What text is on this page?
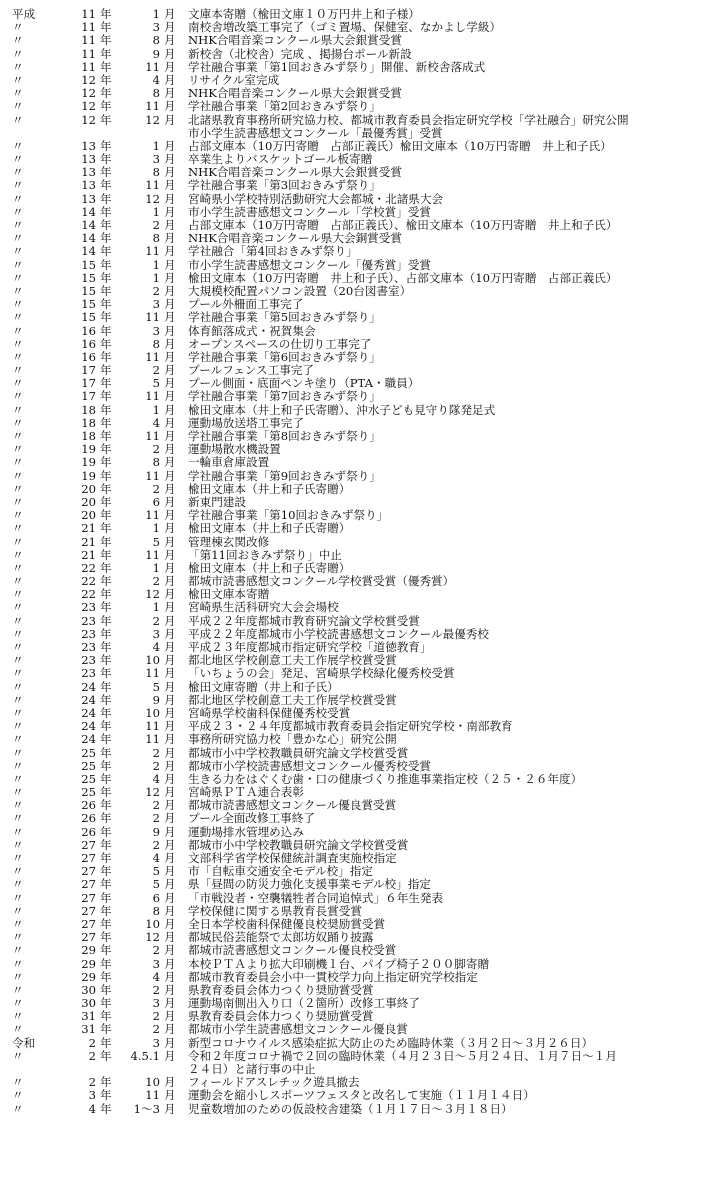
平成	11 年	1 月	文庫本寄贈（楡田文庫１０万円井上和子様）
〃	11 年	3 月	南校舎増改築工事完了（ゴミ置場、保健室、なかよし学級）
〃	11 年	8 月	NHK合唱音楽コンクール県大会銀賞受賞
〃	11 年	9 月	新校舎（北校舎）完成 、掲揚台ポール新設
〃	11 年	11 月	学社融合事業「第1回おきみず祭り」開催、新校舎落成式
〃	12 年	4 月	リサイクル室完成
〃	12 年	8 月	NHK合唱音楽コンクール県大会銀賞受賞
〃	12 年	11 月	学社融合事業「第2回おきみず祭り」
〃	12 年	12 月	北諸県教育事務所研究協力校、都城市教育委員会指定研究学校「学社融合」研究公開
市小学生読書感想文コンクール「最優秀賞」受賞
〃	13 年	1 月	占部文庫本（10万円寄贈　占部正義氏）楡田文庫本（10万円寄贈　井上和子氏）
〃	13 年	3 月	卒業生よりバスケットゴール板寄贈
〃	13 年	8 月	NHK合唱音楽コンクール県大会銀賞受賞
〃	13 年	11 月	学社融合事業「第3回おきみず祭り」
〃	13 年	12 月	宮崎県小学校特別活動研究大会都城・北諸県大会
〃	14 年	1 月	市小学生読書感想文コンクール「学校賞」受賞
〃	14 年	2 月	占部文庫本（10万円寄贈　占部正義氏）、楡田文庫本（10万円寄贈　井上和子氏）
〃	14 年	8 月	NHK合唱音楽コンクール県大会銅賞受賞
〃	14 年	11 月	学社融合「第4回おきみず祭り」
〃	15 年	1 月	市小学生読書感想文コンクール「優秀賞」受賞
〃	15 年	1 月	楡田文庫本（10万円寄贈　井上和子氏）、占部文庫本（10万円寄贈　占部正義氏）
〃	15 年	2 月	大規模校配置パソコン設置（20台図書室）
〃	15 年	3 月	プール外柵面工事完了
〃	15 年	11 月	学社融合事業「第5回おきみず祭り」
〃	16 年	3 月	体育館落成式・祝賀集会
〃	16 年	8 月	オープンスペースの仕切り工事完了
〃	16 年	11 月	学社融合事業「第6回おきみず祭り」
〃	17 年	2 月	プールフェンス工事完了
〃	17 年	5 月	プール側面・底面ペンキ塗り（PTA・職員）
〃	17 年	11 月	学社融合事業「第7回おきみず祭り」
〃	18 年	1 月	楡田文庫本（井上和子氏寄贈）、沖水子ども見守り隊発足式
〃	18 年	4 月	運動場放送塔工事完了
〃	18 年	11 月	学社融合事業「第8回おきみず祭り」
〃	19 年	2 月	運動場散水機設置
〃	19 年	8 月	一輪車倉庫設置
〃	19 年	11 月	学社融合事業「第9回おきみず祭り」
〃	20 年	2 月	楡田文庫本（井上和子氏寄贈）
〃	20 年	6 月	新東門建設
〃	20 年	11 月	学社融合事業「第10回おきみず祭り」
〃	21 年	1 月	楡田文庫本（井上和子氏寄贈）
〃	21 年	5 月	管理棟玄関改修
〃	21 年	11 月	「第11回おきみず祭り」中止
〃	22 年	1 月	楡田文庫本（井上和子氏寄贈）
〃	22 年	2 月	都城市読書感想文コンクール学校賞受賞（優秀賞）
〃	22 年	12 月	楡田文庫本寄贈
〃	23 年	1 月	宮崎県生活科研究大会会場校
〃	23 年	2 月	平成２２年度都城市教育研究論文学校賞受賞
〃	23 年	3 月	平成２２年度都城市小学校読書感想文コンクール最優秀校
〃	23 年	4 月	平成２３年度都城市指定研究学校「道徳教育」
〃	23 年	10 月	都北地区学校創意工夫工作展学校賞受賞
〃	23 年	11 月	「いちょうの会」発足、宮崎県学校緑化優秀校受賞
〃	24 年	5 月	楡田文庫寄贈（井上和子氏）
〃	24 年	9 月	都北地区学校創意工夫工作展学校賞受賞
〃	24 年	10 月	宮崎県学校歯科保健優秀校受賞
〃	24 年	11 月	平成２３・２４年度都城市教育委員会指定研究学校・南部教育
〃	24 年	11 月	事務所研究協力校「豊かな心」研究公開
〃	25 年	2 月	都城市小中学校教職員研究論文学校賞受賞
〃	25 年	2 月	都城市小学校読書感想文コンクール優秀校受賞
〃	25 年	4 月	生きる力をはぐくむ歯・口の健康づくり推進事業指定校（２５・２６年度）
〃	25 年	12 月	宮崎県ＰＴＡ連合表彰
〃	26 年	2 月	都城市読書感想文コンクール優良賞受賞
〃	26 年	2 月	プール全面改修工事終了
〃	26 年	9 月	運動場排水管埋め込み
〃	27 年	2 月	都城市小中学校教職員研究論文学校賞受賞
〃	27 年	4 月	文部科学省学校保健統計調査実施校指定
〃	27 年	5 月	市「自転車交通安全モデル校」指定
〃	27 年	5 月	県「昼間の防災力強化支援事業モデル校」指定
〃	27 年	6 月	「市戦没者・空襲犠牲者合同追悼式」６年生発表
〃	27 年	8 月	学校保健に関する県教育長賞受賞
〃	27 年	10 月	全日本学校歯科保健優良校奨励賞受賞
〃	27 年	12 月	都城民俗芸能祭で太郎坊奴踊り披露
〃	29 年	2 月	都城市読書感想文コンクール優良校受賞
〃	29 年	3 月	本校ＰＴＡより拡大印刷機１台、パイプ椅子２００脚寄贈
〃	29 年	4 月	都城市教育委員会小中一貫校学力向上指定研究学校指定
〃	30 年	2 月	県教育委員会体力つくり奨励賞受賞
〃	30 年	3 月	運動場南側出入り口（２箇所）改修工事終了
〃	31 年	2 月	県教育委員会体力つくり奨励賞受賞
〃	31 年	2 月	都城市小学生読書感想文コンクール優良賞
令和	2 年	3 月	新型コロナウイルス感染症拡大防止のため臨時休業（３月２日～３月２６日）
〃	2 年	4.5.1 月	令和２年度コロナ禍で２回の臨時休業（４月２３日～５月２４日、１月７日～１月
２４日）と諸行事の中止
〃	2 年	10 月	フィールドアスレチック遊具撤去
〃	3 年	11 月	運動会を縮小しスポーツフェスタと改名して実施（１１月１４日）
〃	4 年	1～3 月	児童数増加のための仮設校舎建築（１月１７日～３月１８日）
